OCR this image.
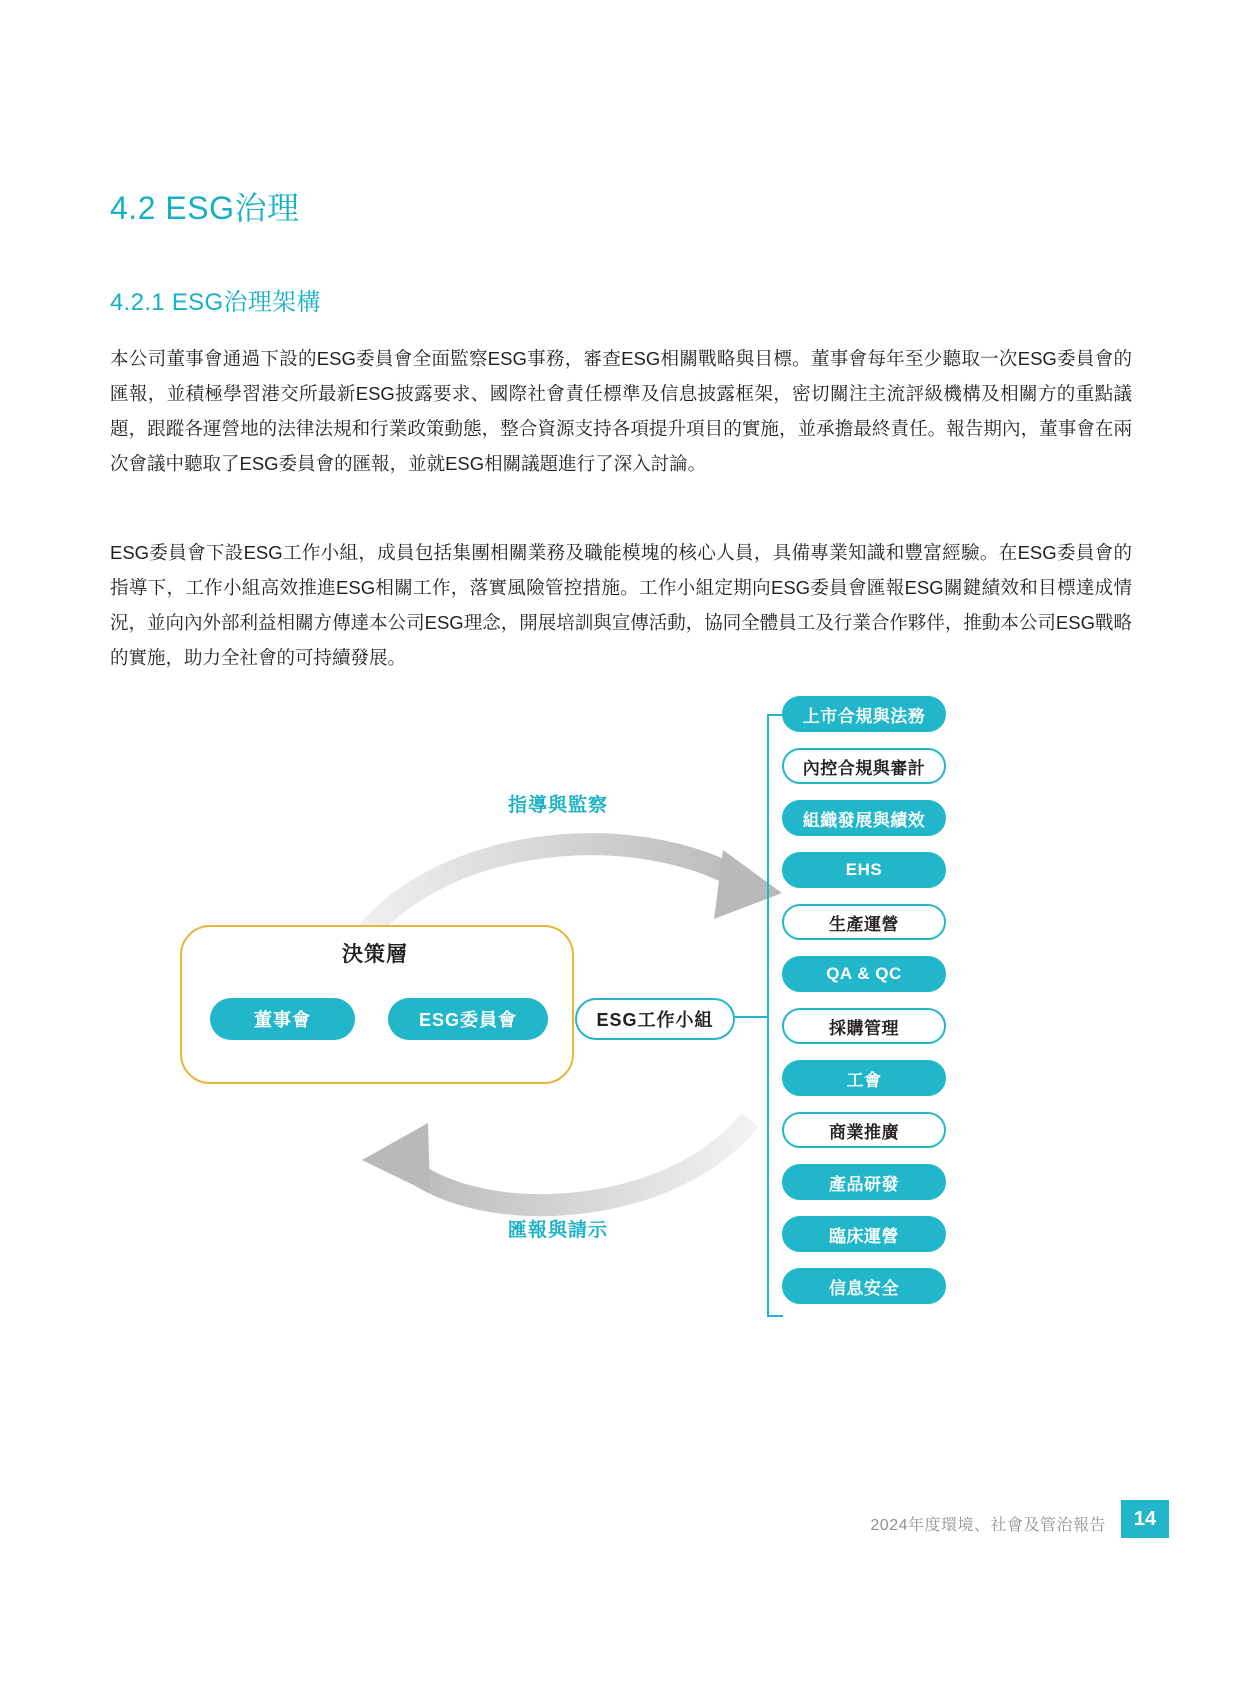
4.2 ESG治理
4.2.1 ESG治理架構

本公司董事會通過下設的ESG委員會全面監察ESG事務，審查ESG相關戰略與目標。董事會每年至少聽取一次ESG委員會的匯報，並積極學習港交所最新ESG披露要求、國際社會責任標準及信息披露框架，密切關注主流評級機構及相關方的重點議題，跟蹤各運營地的法律法規和行業政策動態，整合資源支持各項提升項目的實施，並承擔最終責任。報告期內，董事會在兩次會議中聽取了ESG委員會的匯報，並就ESG相關議題進行了深入討論。

ESG委員會下設ESG工作小組，成員包括集團相關業務及職能模塊的核心人員，具備專業知識和豐富經驗。在ESG委員會的指導下，工作小組高效推進ESG相關工作，落實風險管控措施。工作小組定期向ESG委員會匯報ESG關鍵績效和目標達成情況，並向內外部利益相關方傳達本公司ESG理念，開展培訓與宣傳活動，協同全體員工及行業合作夥伴，推動本公司ESG戰略的實施，助力全社會的可持續發展。

決策層
董事會	ESG委員會	ESG工作小組
指導與監察
匯報與請示
上市合規與法務
內控合規與審計
組織發展與績效
EHS
生產運營
QA & QC
採購管理
工會
商業推廣
產品研發
臨床運營
信息安全
2024年度環境、社會及管治報告	14
